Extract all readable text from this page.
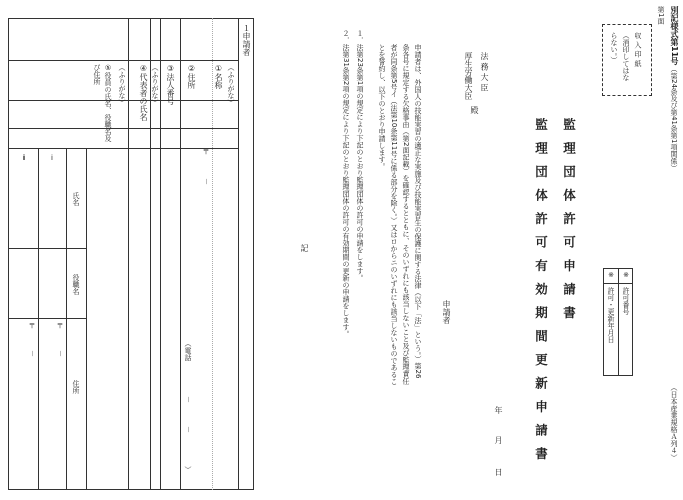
別記様式第11号（第24条及び第41条第1項関係）
第1面
（日本産業規格Ａ列４）
収 入 印 紙
（消印してはな
らない。）
※
許可番号
※
許可・更新年月日
監理団体許可申請書
監理団体許可有効期間更新申請書
法 務 大 臣
殿
厚生労働大臣
年
月
日
申請者
申請者は、外国人の技能実習の適正な実施及び技能実習生の保護に関する法律（以下「法」という。）第26
条各号に規定する欠格事由（第2面記載）を確認するとともに、そのいずれにも該当しないこと及び監理責任
者が同条第5号イ（法第10条第11号に係る部分を除く。）又はロからニのいずれにも該当しないものであるこ
とを誓約し、以下のとおり申請します。
１．法第23条第1項の規定により下記のとおり監理団体の許可の申請をします。
２．法第31条第2項の規定により下記のとおり監理団体の許可の有効期間の更新の申請をします。
記
１申請者
（ふりがな）
①名称
②住所
〒
－
（電話
－
－
）
③法人番号
（ふりがな）
④代表者の氏名
（ふりがな）
⑤役員の氏名、役職名及
び住所
氏名
役職名
住所
ⅰ
ⅱ
〒
－
〒
－
